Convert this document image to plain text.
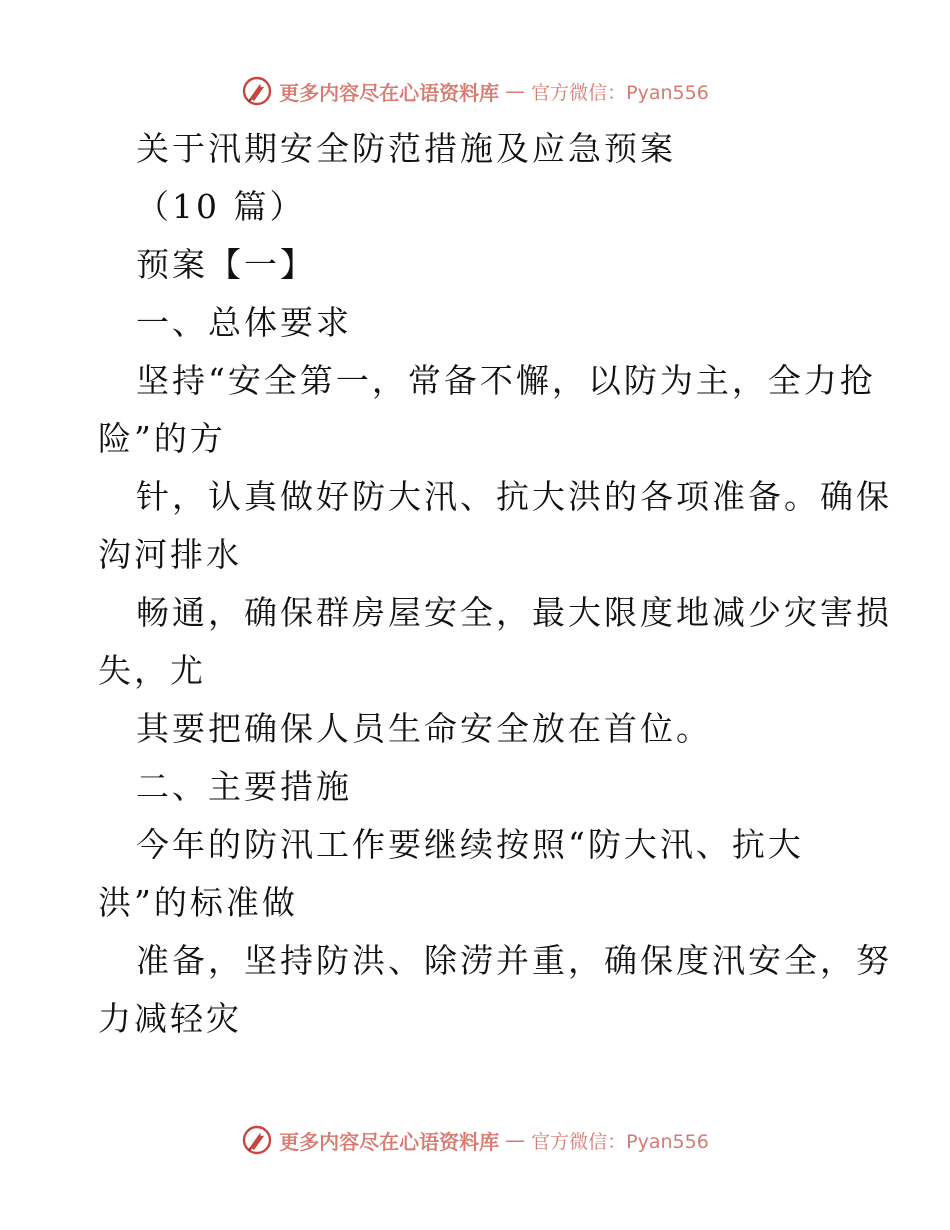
更多内容尽在心语资料库 — 官方微信：Pyan556
关于汛期安全防范措施及应急预案
（10 篇）
预案【一】
一、总体要求
坚持“安全第一，常备不懈，以防为主，全力抢
险”的方
针，认真做好防大汛、抗大洪的各项准备。确保
沟河排水
畅通，确保群房屋安全，最大限度地减少灾害损
失，尤
其要把确保人员生命安全放在首位。
二、主要措施
今年的防汛工作要继续按照“防大汛、抗大
洪”的标准做
准备，坚持防洪、除涝并重，确保度汛安全，努
力减轻灾
更多内容尽在心语资料库 — 官方微信：Pyan556
